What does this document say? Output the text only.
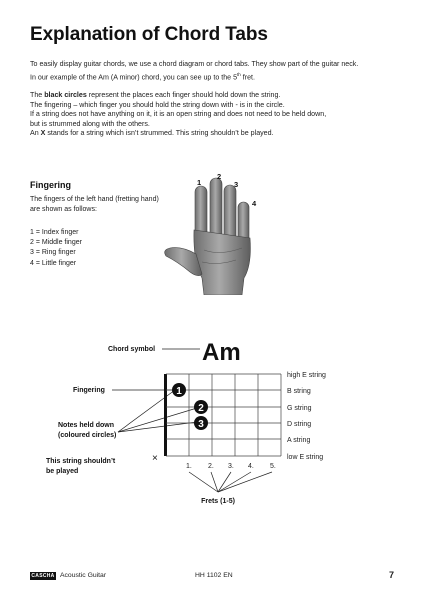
Explanation of Chord Tabs

To easily display guitar chords, we use a chord diagram or chord tabs. They show part of the guitar neck.

In our example of the Am (A minor) chord, you can see up to the 5th fret.

The black circles represent the places each finger should hold down the string.

The fingering – which finger you should hold the string down with - is in the circle.

If a string does not have anything on it, it is an open string and does not need to be held down,

but is strummed along with the others.

An X stands for a string which isn’t strummed. This string shouldn’t be played.

Fingering

The fingers of the left hand (fretting hand)

are shown as follows:

1 = Index finger
2 = Middle finger
3 = Ring finger
4 = Little finger
1
2
3
4
Chord symbol Am
Fingering
Notes held down
(coloured circles)
This string shouldn’t
be played
×
1
2
3
high E string
B string
G string
D string
A string
low E string
1. 2. 3. 4. 5.
Frets (1-5)
CASCHA Acoustic Guitar	HH 1102 EN	7
